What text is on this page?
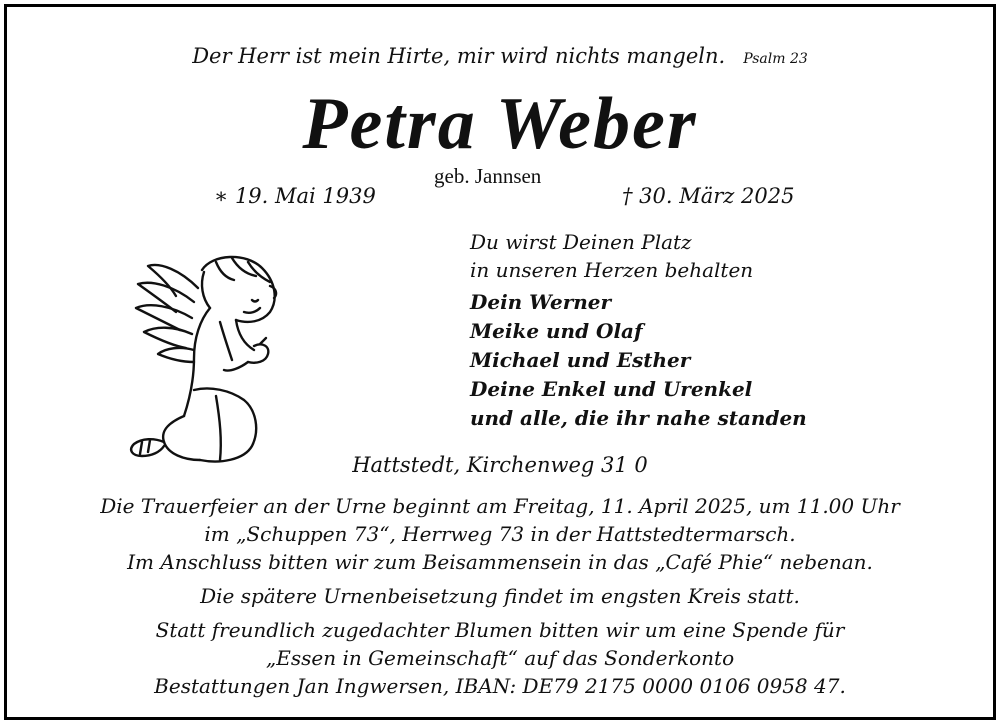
Der Herr ist mein Hirte, mir wird nichts mangeln. Psalm 23
Petra Weber
geb. Jannsen
∗ 19. Mai 1939	† 30. März 2025
Du wirst Deinen Platz
in unseren Herzen behalten
Dein Werner
Meike und Olaf
Michael und Esther
Deine Enkel und Urenkel
und alle, die ihr nahe standen
Hattstedt, Kirchenweg 31 0
Die Trauerfeier an der Urne beginnt am Freitag, 11. April 2025, um 11.00 Uhr
im „Schuppen 73“, Herrweg 73 in der Hattstedtermarsch.
Im Anschluss bitten wir zum Beisammensein in das „Café Phie“ nebenan.
Die spätere Urnenbeisetzung findet im engsten Kreis statt.
Statt freundlich zugedachter Blumen bitten wir um eine Spende für
„Essen in Gemeinschaft“ auf das Sonderkonto
Bestattungen Jan Ingwersen, IBAN: DE79 2175 0000 0106 0958 47.
